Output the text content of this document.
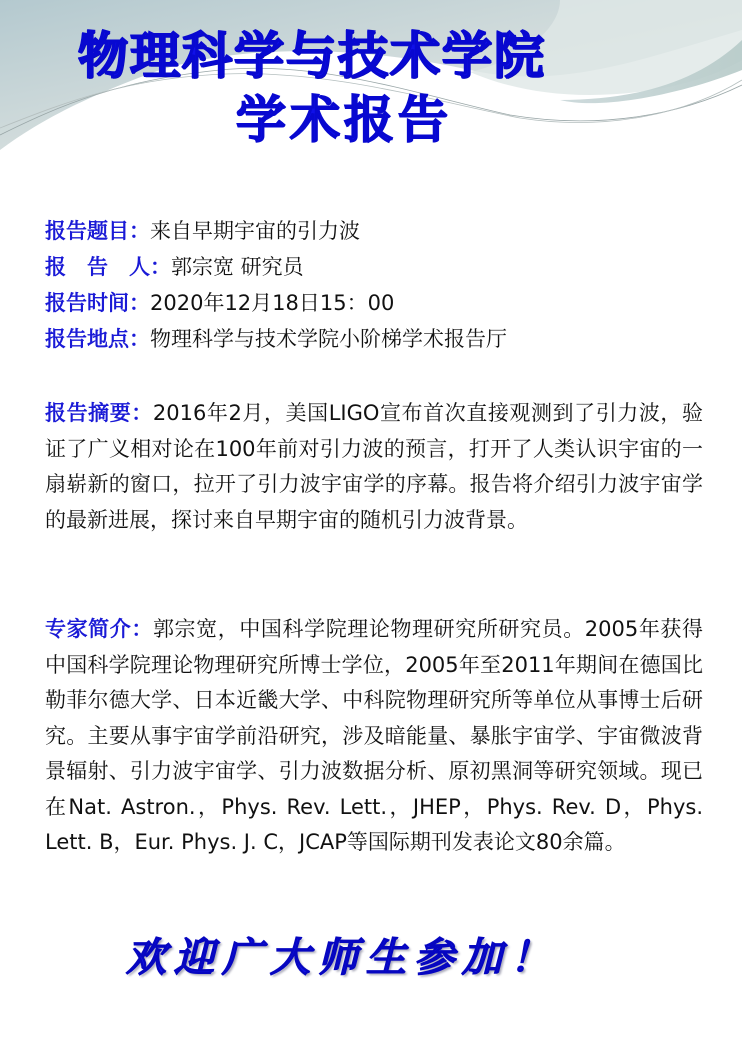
物理科学与技术学院
学术报告
报告题目：来自早期宇宙的引力波
报　告　人：郭宗宽 研究员
报告时间：2020年12月18日15：00
报告地点：物理科学与技术学院小阶梯学术报告厅
报告摘要：2016年2月，美国LIGO宣布首次直接观测到了引力波，验证了广义相对论在100年前对引力波的预言，打开了人类认识宇宙的一扇崭新的窗口，拉开了引力波宇宙学的序幕。报告将介绍引力波宇宙学的最新进展，探讨来自早期宇宙的随机引力波背景。
专家简介：郭宗宽，中国科学院理论物理研究所研究员。2005年获得中国科学院理论物理研究所博士学位，2005年至2011年期间在德国比勒菲尔德大学、日本近畿大学、中科院物理研究所等单位从事博士后研究。主要从事宇宙学前沿研究，涉及暗能量、暴胀宇宙学、宇宙微波背景辐射、引力波宇宙学、引力波数据分析、原初黑洞等研究领域。现已在Nat. Astron.，Phys. Rev. Lett.，JHEP，Phys. Rev. D，Phys. Lett. B，Eur. Phys. J. C，JCAP等国际期刊发表论文80余篇。
欢迎广大师生参加！
